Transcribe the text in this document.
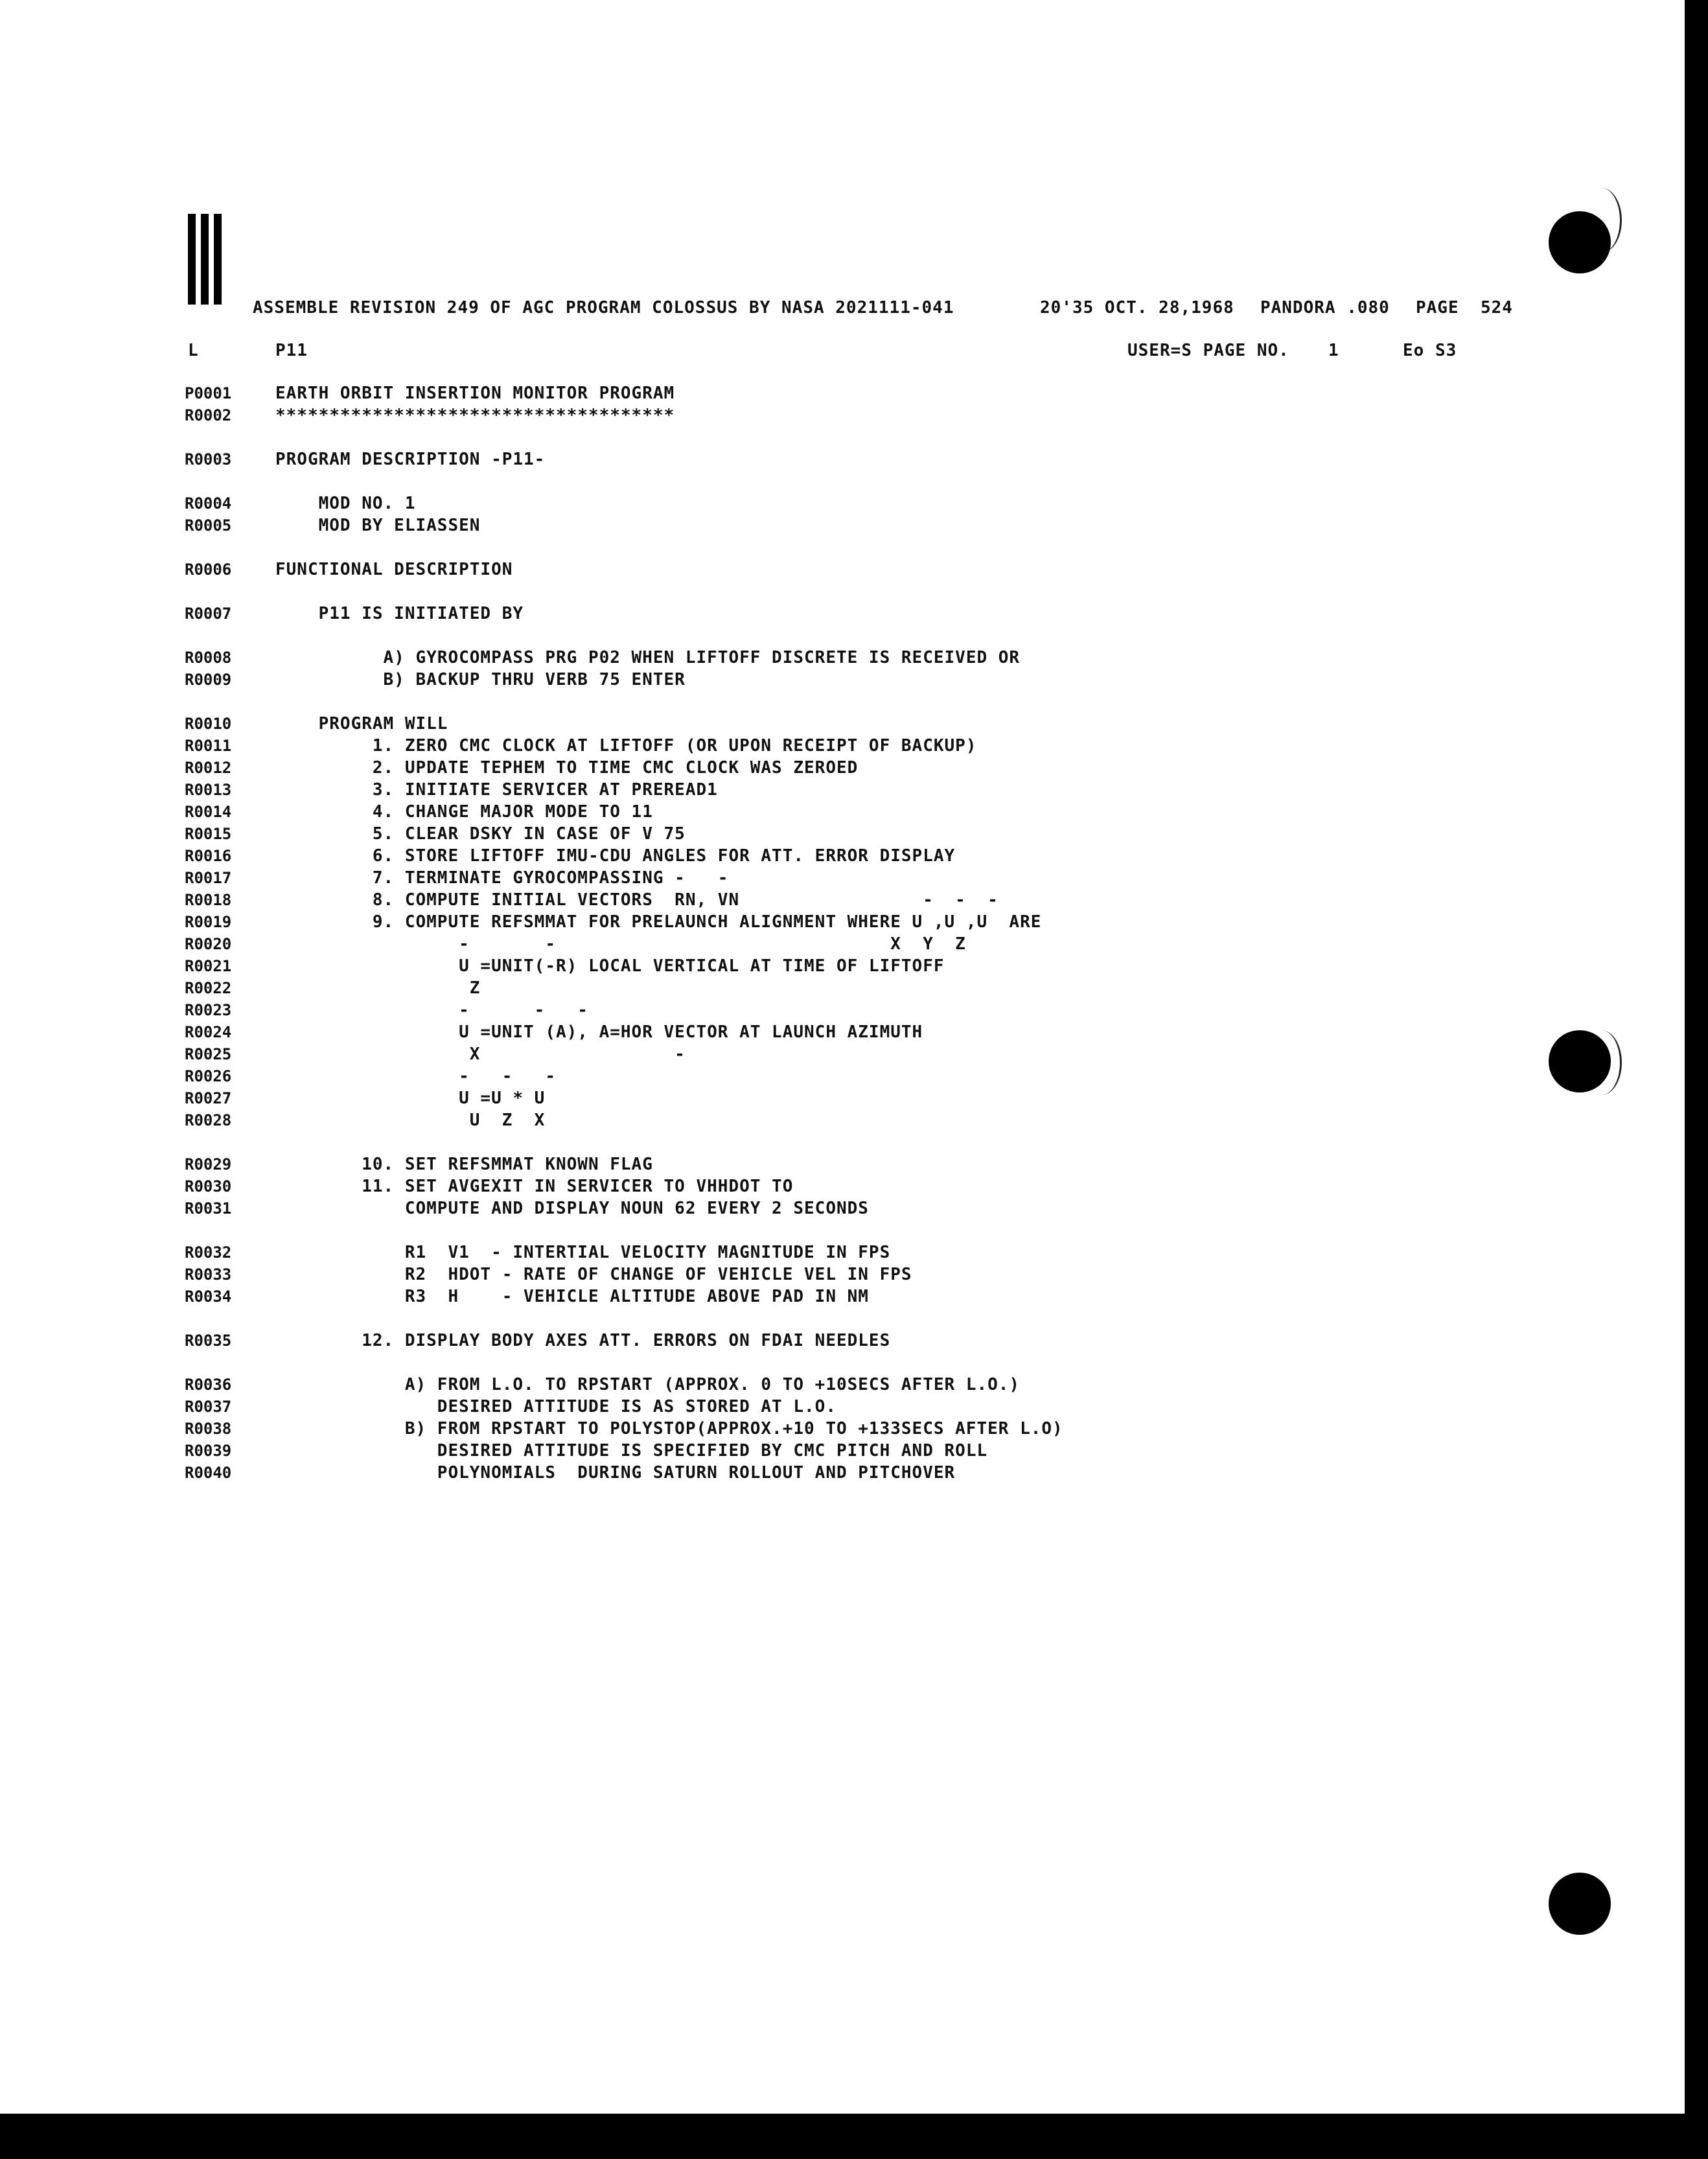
ASSEMBLE REVISION 249 OF AGC PROGRAM COLOSSUS BY NASA 2021111-041	20'35 OCT. 28,1968 PANDORA .080 PAGE 524
L	P11	USER=S PAGE NO. 1	Eo S3
P0001	EARTH ORBIT INSERTION MONITOR PROGRAM
R0002	*************************************
R0003	PROGRAM DESCRIPTION -P11-
R0004	MOD NO. 1
R0005	MOD BY ELIASSEN
R0006	FUNCTIONAL DESCRIPTION
R0007	P11 IS INITIATED BY
R0008	A) GYROCOMPASS PRG P02 WHEN LIFTOFF DISCRETE IS RECEIVED OR
R0009	B) BACKUP THRU VERB 75 ENTER
R0010	PROGRAM WILL
R0011	1. ZERO CMC CLOCK AT LIFTOFF (OR UPON RECEIPT OF BACKUP)
R0012	2. UPDATE TEPHEM TO TIME CMC CLOCK WAS ZEROED
R0013	3. INITIATE SERVICER AT PREREAD1
R0014	4. CHANGE MAJOR MODE TO 11
R0015	5. CLEAR DSKY IN CASE OF V 75
R0016	6. STORE LIFTOFF IMU-CDU ANGLES FOR ATT. ERROR DISPLAY
R0017	7. TERMINATE GYROCOMPASSING -   -
R0018	8. COMPUTE INITIAL VECTORS  RN, VN                 -  -  -
R0019	9. COMPUTE REFSMMAT FOR PRELAUNCH ALIGNMENT WHERE U ,U ,U  ARE
R0020	-       -                               X  Y  Z
R0021	U =UNIT(-R) LOCAL VERTICAL AT TIME OF LIFTOFF
R0022	Z
R0023	-      -   -
R0024	U =UNIT (A), A=HOR VECTOR AT LAUNCH AZIMUTH
R0025	X                  -
R0026	-   -   -
R0027	U =U * U
R0028	U  Z  X
R0029	10. SET REFSMMAT KNOWN FLAG
R0030	11. SET AVGEXIT IN SERVICER TO VHHDOT TO
R0031	COMPUTE AND DISPLAY NOUN 62 EVERY 2 SECONDS
R0032	R1  V1  - INTERTIAL VELOCITY MAGNITUDE IN FPS
R0033	R2  HDOT - RATE OF CHANGE OF VEHICLE VEL IN FPS
R0034	R3  H    - VEHICLE ALTITUDE ABOVE PAD IN NM
R0035	12. DISPLAY BODY AXES ATT. ERRORS ON FDAI NEEDLES
R0036	A) FROM L.O. TO RPSTART (APPROX. 0 TO +10SECS AFTER L.O.)
R0037	DESIRED ATTITUDE IS AS STORED AT L.O.
R0038	B) FROM RPSTART TO POLYSTOP(APPROX.+10 TO +133SECS AFTER L.O)
R0039	DESIRED ATTITUDE IS SPECIFIED BY CMC PITCH AND ROLL
R0040	POLYNOMIALS  DURING SATURN ROLLOUT AND PITCHOVER
